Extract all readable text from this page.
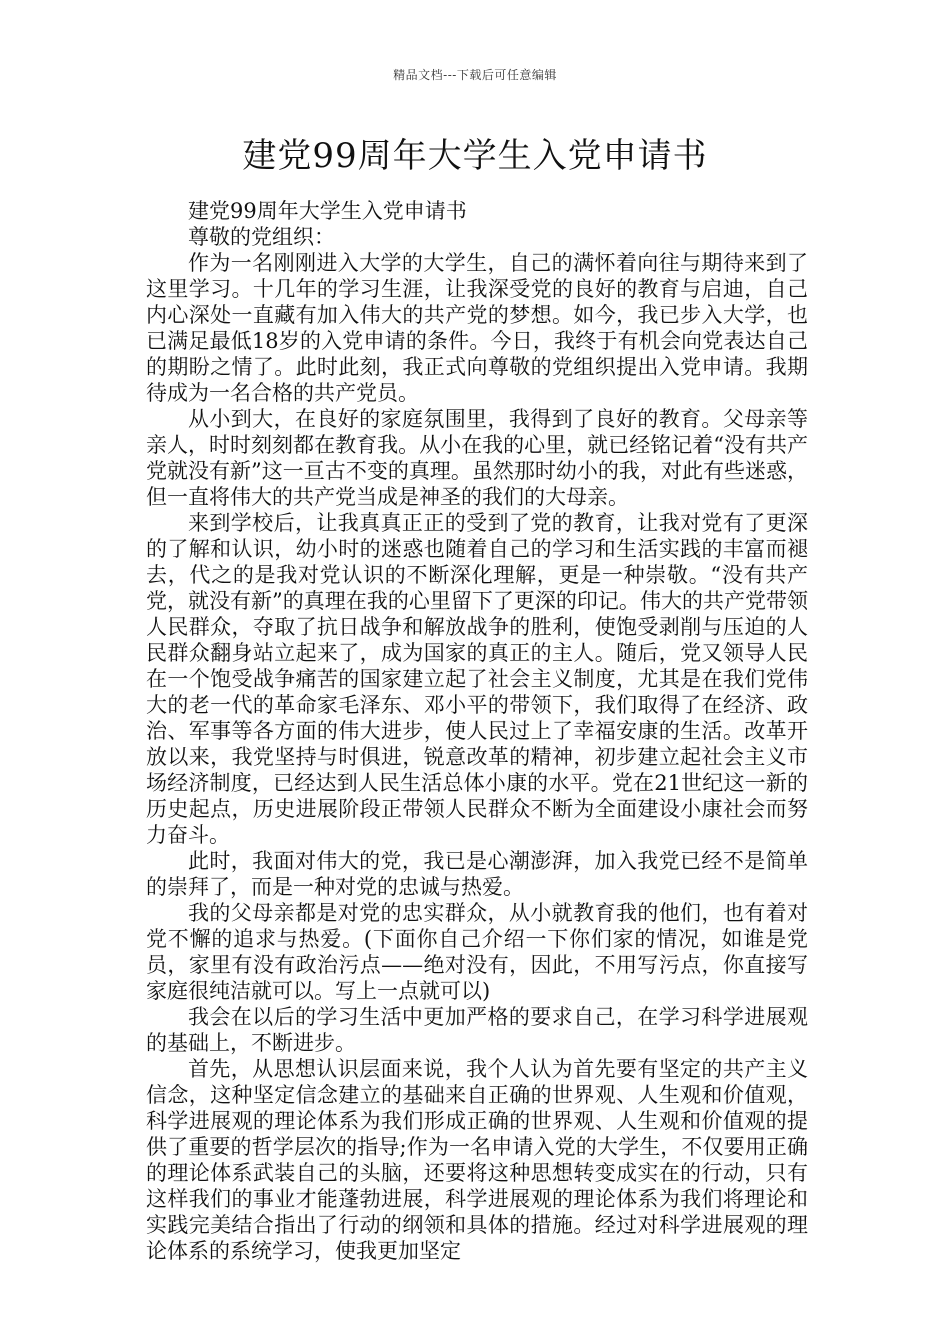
精品文档---下载后可任意编辑
建党99周年大学生入党申请书

建党99周年大学生入党申请书

尊敬的党组织：

作为一名刚刚进入大学的大学生，自己的满怀着向往与期待来到了这里学习。十几年的学习生涯，让我深受党的良好的教育与启迪，自己内心深处一直藏有加入伟大的共产党的梦想。如今，我已步入大学，也已满足最低18岁的入党申请的条件。今日，我终于有机会向党表达自己的期盼之情了。此时此刻，我正式向尊敬的党组织提出入党申请。我期待成为一名合格的共产党员。

从小到大，在良好的家庭氛围里，我得到了良好的教育。父母亲等亲人，时时刻刻都在教育我。从小在我的心里，就已经铭记着“没有共产党就没有新”这一亘古不变的真理。虽然那时幼小的我，对此有些迷惑，但一直将伟大的共产党当成是神圣的我们的大母亲。

来到学校后，让我真真正正的受到了党的教育，让我对党有了更深的了解和认识，幼小时的迷惑也随着自己的学习和生活实践的丰富而褪去，代之的是我对党认识的不断深化理解，更是一种崇敬。“没有共产党，就没有新”的真理在我的心里留下了更深的印记。伟大的共产党带领人民群众，夺取了抗日战争和解放战争的胜利，使饱受剥削与压迫的人民群众翻身站立起来了，成为国家的真正的主人。随后，党又领导人民在一个饱受战争痛苦的国家建立起了社会主义制度，尤其是在我们党伟大的老一代的革命家毛泽东、邓小平的带领下，我们取得了在经济、政治、军事等各方面的伟大进步，使人民过上了幸福安康的生活。改革开放以来，我党坚持与时俱进，锐意改革的精神，初步建立起社会主义市场经济制度，已经达到人民生活总体小康的水平。党在21世纪这一新的历史起点，历史进展阶段正带领人民群众不断为全面建设小康社会而努力奋斗。

此时，我面对伟大的党，我已是心潮澎湃，加入我党已经不是简单的崇拜了，而是一种对党的忠诚与热爱。

我的父母亲都是对党的忠实群众，从小就教育我的他们，也有着对党不懈的追求与热爱。(下面你自己介绍一下你们家的情况，如谁是党员，家里有没有政治污点——绝对没有，因此，不用写污点，你直接写家庭很纯洁就可以。写上一点就可以)

我会在以后的学习生活中更加严格的要求自己，在学习科学进展观的基础上，不断进步。

首先，从思想认识层面来说，我个人认为首先要有坚定的共产主义信念，这种坚定信念建立的基础来自正确的世界观、人生观和价值观，科学进展观的理论体系为我们形成正确的世界观、人生观和价值观的提供了重要的哲学层次的指导;作为一名申请入党的大学生，不仅要用正确的理论体系武装自己的头脑，还要将这种思想转变成实在的行动，只有这样我们的事业才能蓬勃进展，科学进展观的理论体系为我们将理论和实践完美结合指出了行动的纲领和具体的措施。经过对科学进展观的理论体系的系统学习，使我更加坚定
